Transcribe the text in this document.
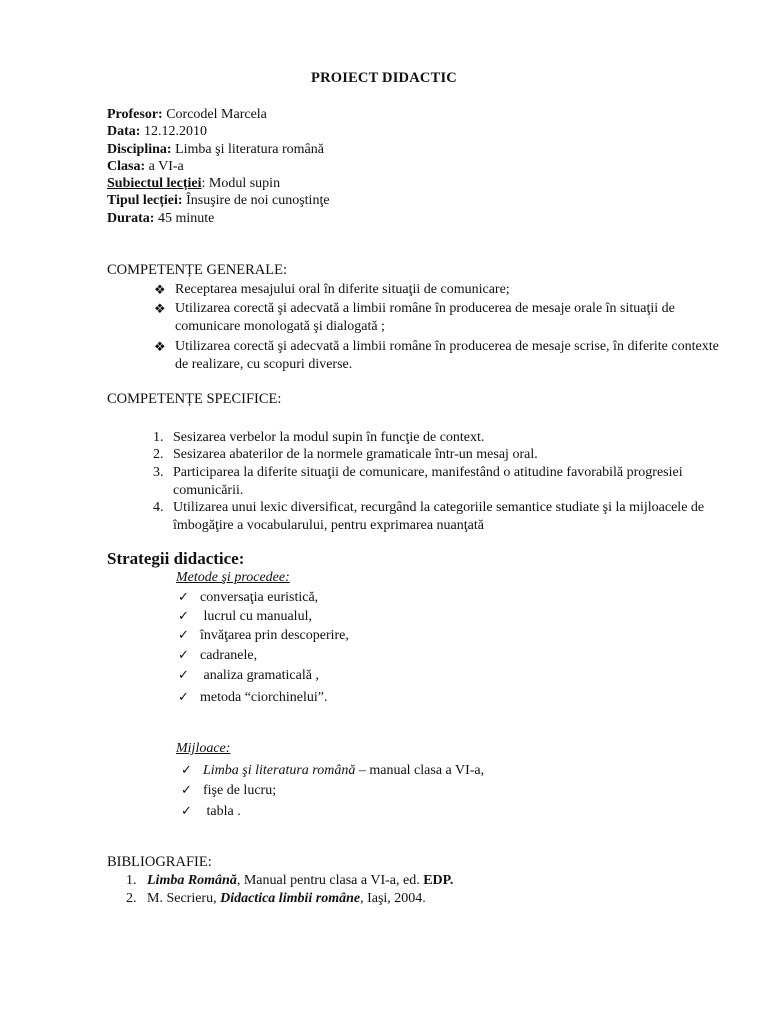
PROIECT DIDACTIC
Profesor: Corcodel Marcela
Data: 12.12.2010
Disciplina: Limba şi literatura română
Clasa: a VI-a
Subiectul lecției: Modul supin
Tipul lecției: Însuşire de noi cunoştinţe
Durata: 45 minute
COMPETENȚE GENERALE:
❖ Receptarea mesajului oral în diferite situaţii de comunicare;
❖ Utilizarea corectă şi adecvată a limbii române în producerea de mesaje orale în situaţii de comunicare monologată şi dialogată ;
❖ Utilizarea corectă şi adecvată a limbii române în producerea de mesaje scrise, în diferite contexte de realizare, cu scopuri diverse.
COMPETENȚE SPECIFICE:
1. Sesizarea verbelor la modul supin în funcţie de context.
2. Sesizarea abaterilor de la normele gramaticale într-un mesaj oral.
3. Participarea la diferite situaţii de comunicare, manifestând o atitudine favorabilă progresiei comunicării.
4. Utilizarea unui lexic diversificat, recurgând la categoriile semantice studiate şi la mijloacele de îmbogăţire a vocabularului, pentru exprimarea nuanţată
Strategii didactice:
Metode şi procedee:
✓ conversaţia euristică,
✓ lucrul cu manualul,
✓ învăţarea prin descoperire,
✓ cadranele,
✓ analiza gramaticală ,
✓ metoda “ciorchinelui”.
Mijloace:
✓ Limba şi literatura română – manual clasa a VI-a,
✓ fişe de lucru;
✓ tabla .
BIBLIOGRAFIE:
1. Limba Română, Manual pentru clasa a VI-a, ed. EDP.
2. M. Secrieru, Didactica limbii române, Iaşi, 2004.
